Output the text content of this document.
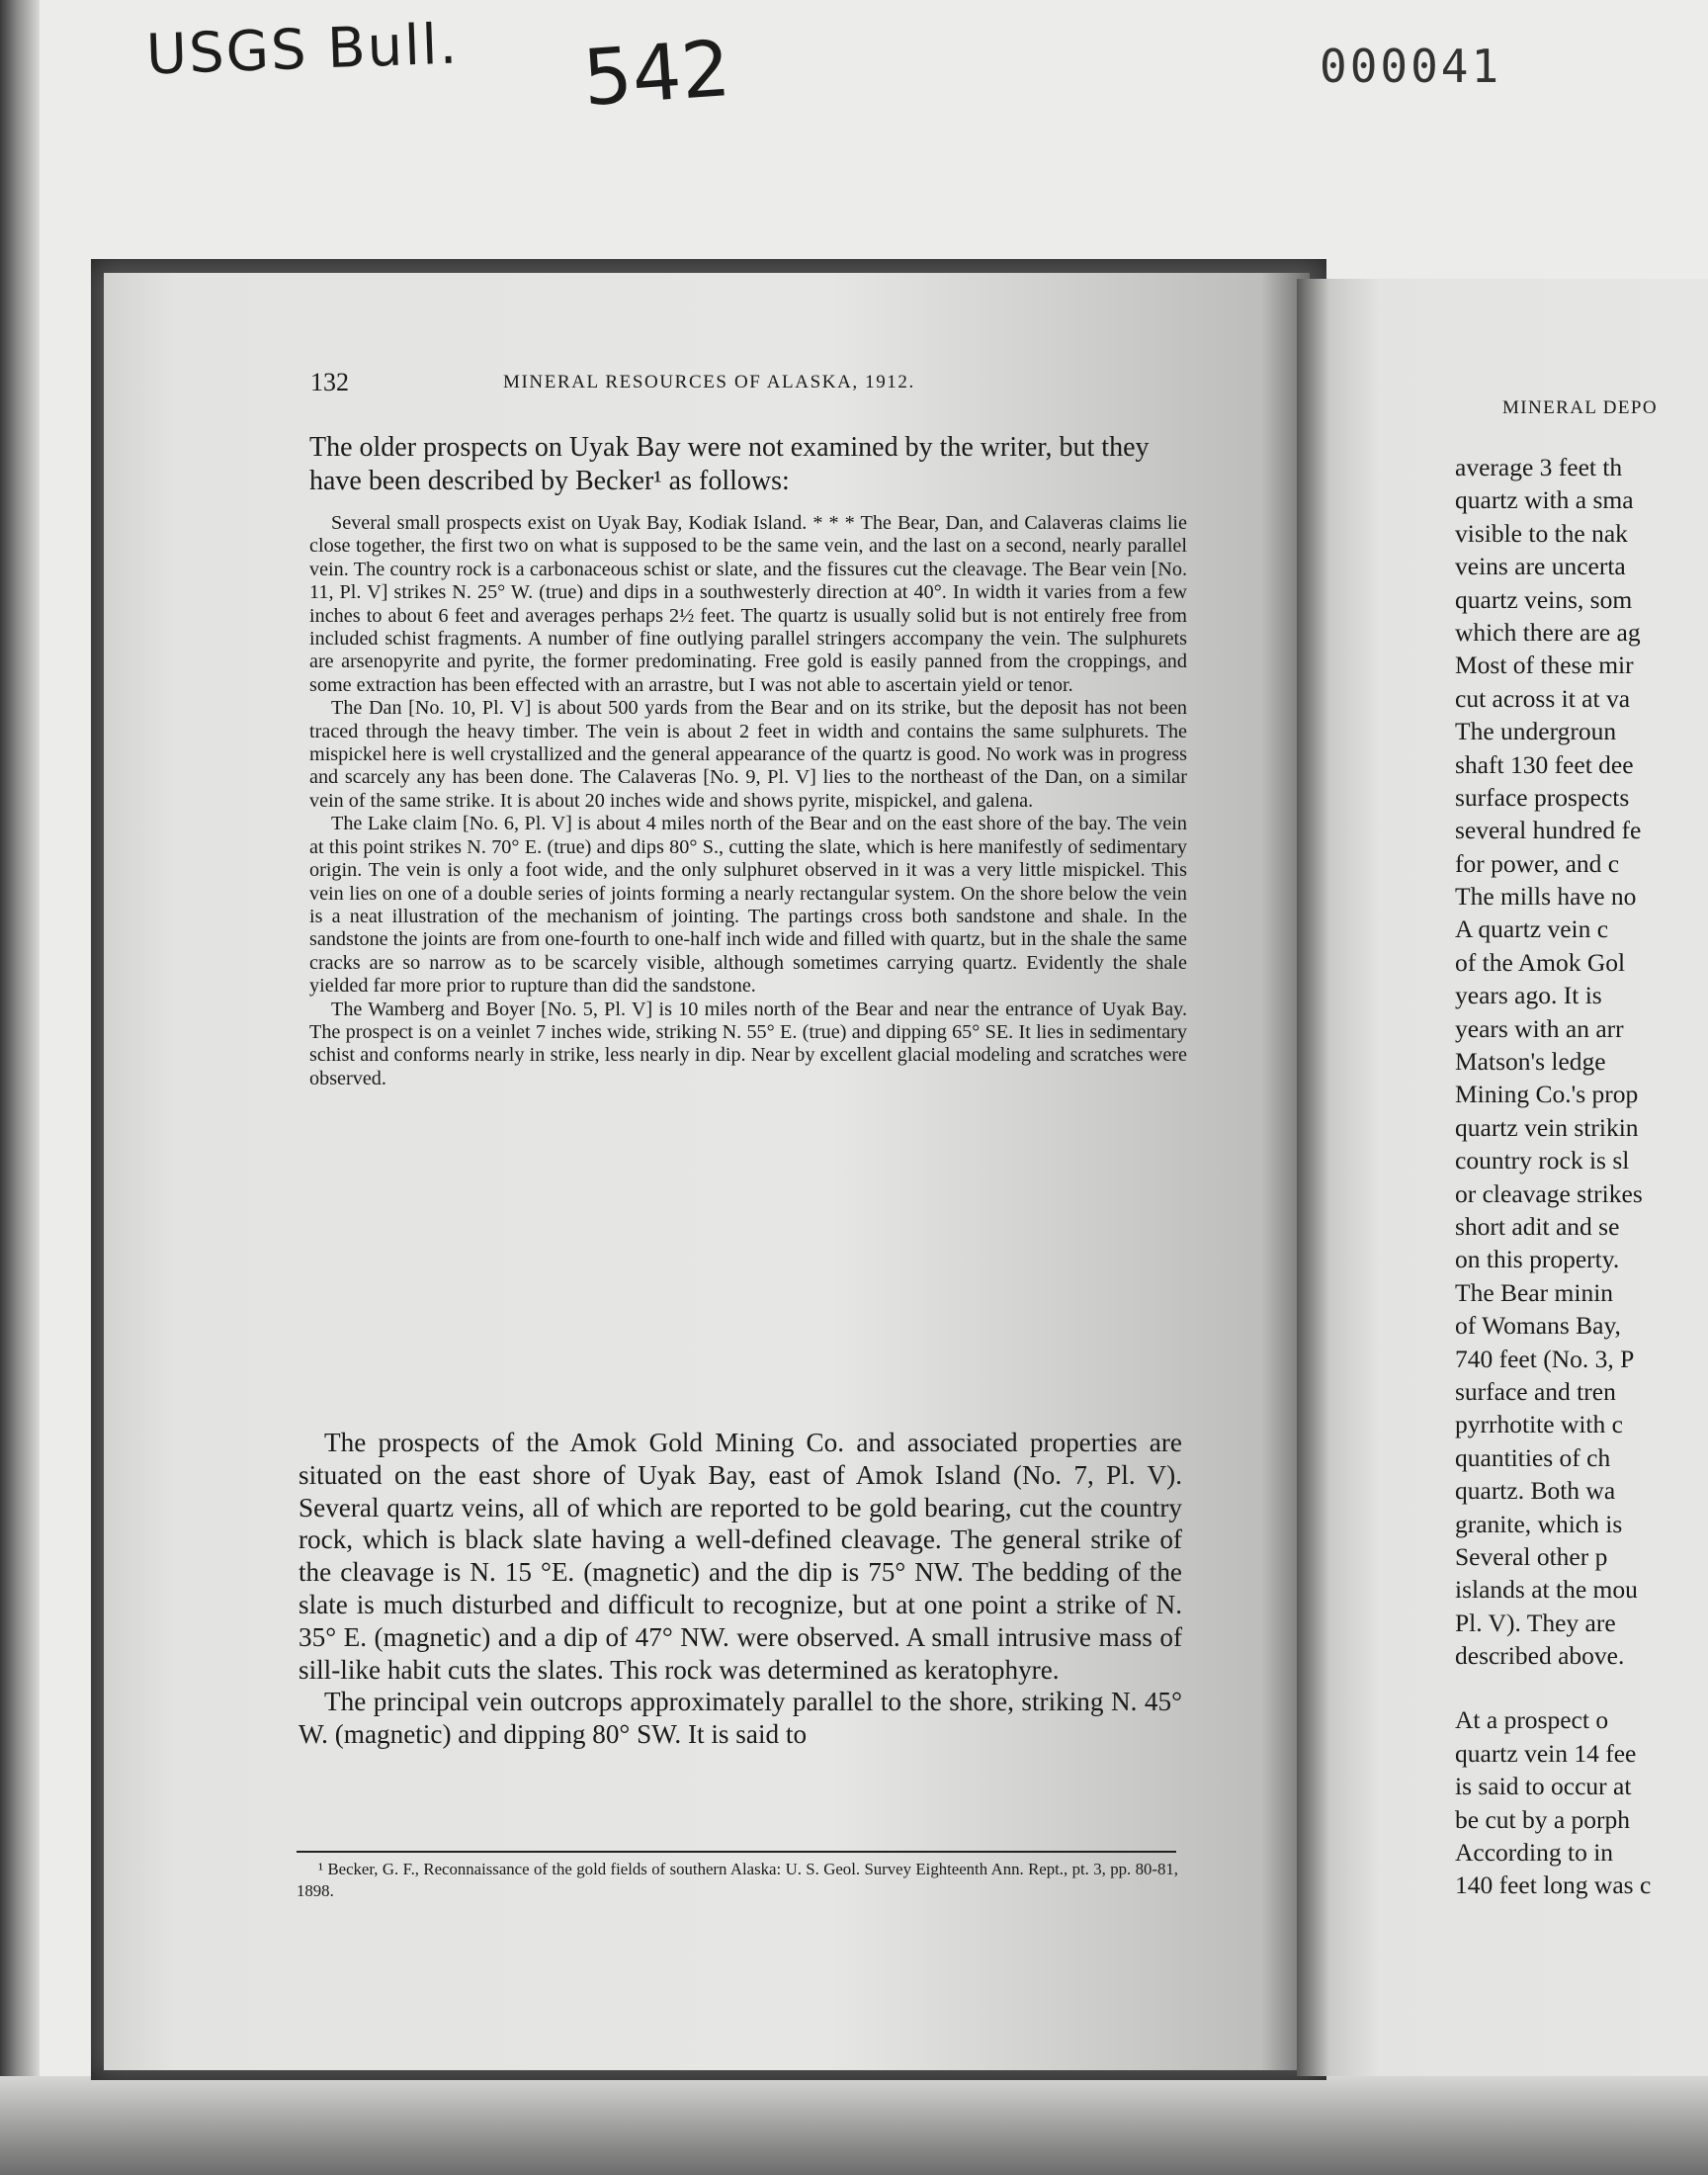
USGS Bull. 542	000041
132	MINERAL RESOURCES OF ALASKA, 1912.
The older prospects on Uyak Bay were not examined by the writer, but they have been described by Becker¹ as follows:

Several small prospects exist on Uyak Bay, Kodiak Island. * * * The Bear, Dan, and Calaveras claims lie close together, the first two on what is supposed to be the same vein, and the last on a second, nearly parallel vein. The country rock is a carbonaceous schist or slate, and the fissures cut the cleavage. The Bear vein [No. 11, Pl. V] strikes N. 25° W. (true) and dips in a southwesterly direction at 40°. In width it varies from a few inches to about 6 feet and averages perhaps 2½ feet. The quartz is usually solid but is not entirely free from included schist fragments. A number of fine outlying parallel stringers accompany the vein. The sulphurets are arsenopyrite and pyrite, the former predominating. Free gold is easily panned from the croppings, and some extraction has been effected with an arrastre, but I was not able to ascertain yield or tenor.

The Dan [No. 10, Pl. V] is about 500 yards from the Bear and on its strike, but the deposit has not been traced through the heavy timber. The vein is about 2 feet in width and contains the same sulphurets. The mispickel here is well crystallized and the general appearance of the quartz is good. No work was in progress and scarcely any has been done. The Calaveras [No. 9, Pl. V] lies to the northeast of the Dan, on a similar vein of the same strike. It is about 20 inches wide and shows pyrite, mispickel, and galena.

The Lake claim [No. 6, Pl. V] is about 4 miles north of the Bear and on the east shore of the bay. The vein at this point strikes N. 70° E. (true) and dips 80° S., cutting the slate, which is here manifestly of sedimentary origin. The vein is only a foot wide, and the only sulphuret observed in it was a very little mispickel. This vein lies on one of a double series of joints forming a nearly rectangular system. On the shore below the vein is a neat illustration of the mechanism of jointing. The partings cross both sandstone and shale. In the sandstone the joints are from one-fourth to one-half inch wide and filled with quartz, but in the shale the same cracks are so narrow as to be scarcely visible, although sometimes carrying quartz. Evidently the shale yielded far more prior to rupture than did the sandstone.

The Wamberg and Boyer [No. 5, Pl. V] is 10 miles north of the Bear and near the entrance of Uyak Bay. The prospect is on a veinlet 7 inches wide, striking N. 55° E. (true) and dipping 65° SE. It lies in sedimentary schist and conforms nearly in strike, less nearly in dip. Near by excellent glacial modeling and scratches were observed.

The prospects of the Amok Gold Mining Co. and associated properties are situated on the east shore of Uyak Bay, east of Amok Island (No. 7, Pl. V). Several quartz veins, all of which are reported to be gold bearing, cut the country rock, which is black slate having a well-defined cleavage. The general strike of the cleavage is N. 15 °E. (magnetic) and the dip is 75° NW. The bedding of the slate is much disturbed and difficult to recognize, but at one point a strike of N. 35° E. (magnetic) and a dip of 47° NW. were observed. A small intrusive mass of sill-like habit cuts the slates. This rock was determined as keratophyre.

The principal vein outcrops approximately parallel to the shore, striking N. 45° W. (magnetic) and dipping 80° SW. It is said to

¹ Becker, G. F., Reconnaissance of the gold fields of southern Alaska: U. S. Geol. Survey Eighteenth Ann. Rept., pt. 3, pp. 80-81, 1898.
MINERAL DEPO
average 3 feet th
quartz with a sma
visible to the nak
veins are uncerta
quartz veins, som
which there are ag
Most of these mir
cut across it at va
The undergroun
shaft 130 feet dee
surface prospects
several hundred fe
for power, and c
The mills have no
A quartz vein c
of the Amok Gol
years ago. It is
years with an arr
Matson's ledge
Mining Co.'s prop
quartz vein strikin
country rock is sl
or cleavage strikes
short adit and se
on this property.
The Bear minin
of Womans Bay,
740 feet (No. 3, P
surface and tren
pyrrhotite with c
quantities of ch
quartz. Both wa
granite, which is
Several other p
islands at the mou
Pl. V). They are
described above.
At a prospect o
quartz vein 14 fee
is said to occur at
be cut by a porph
According to in
140 feet long was c
